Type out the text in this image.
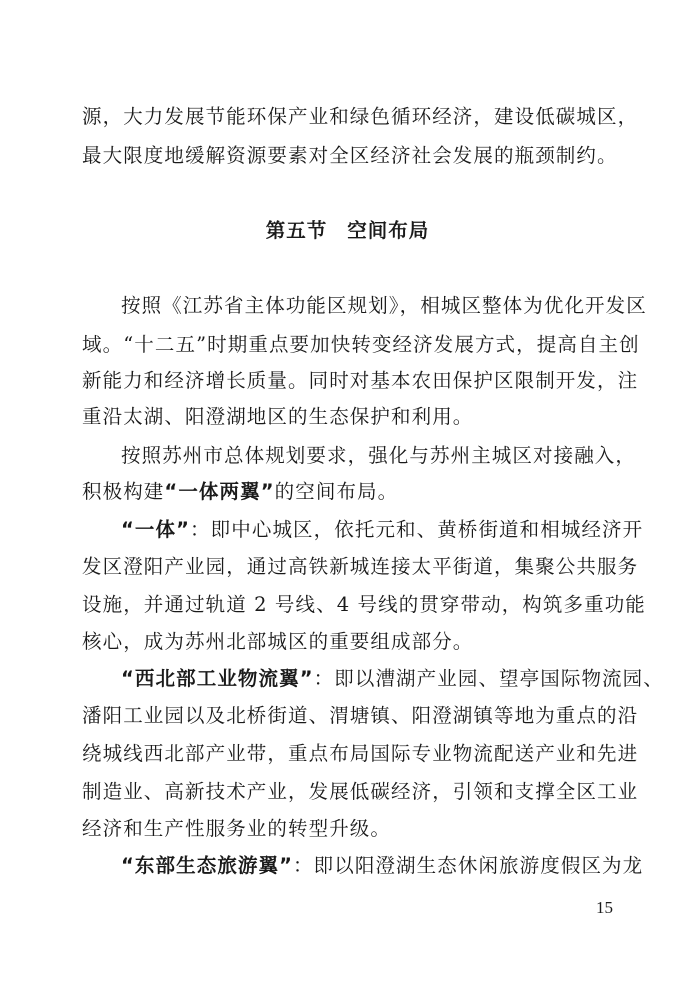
源，大力发展节能环保产业和绿色循环经济，建设低碳城区，
最大限度地缓解资源要素对全区经济社会发展的瓶颈制约。
第五节 空间布局
按照《江苏省主体功能区规划》，相城区整体为优化开发区
域。“十二五”时期重点要加快转变经济发展方式，提高自主创
新能力和经济增长质量。同时对基本农田保护区限制开发，注
重沿太湖、阳澄湖地区的生态保护和利用。
按照苏州市总体规划要求，强化与苏州主城区对接融入，
积极构建“一体两翼”的空间布局。
“一体”：即中心城区，依托元和、黄桥街道和相城经济开
发区澄阳产业园，通过高铁新城连接太平街道，集聚公共服务
设施，并通过轨道 2 号线、4 号线的贯穿带动，构筑多重功能
核心，成为苏州北部城区的重要组成部分。
“西北部工业物流翼”：即以漕湖产业园、望亭国际物流园、
潘阳工业园以及北桥街道、渭塘镇、阳澄湖镇等地为重点的沿
绕城线西北部产业带，重点布局国际专业物流配送产业和先进
制造业、高新技术产业，发展低碳经济，引领和支撑全区工业
经济和生产性服务业的转型升级。
“东部生态旅游翼”：即以阳澄湖生态休闲旅游度假区为龙
15
